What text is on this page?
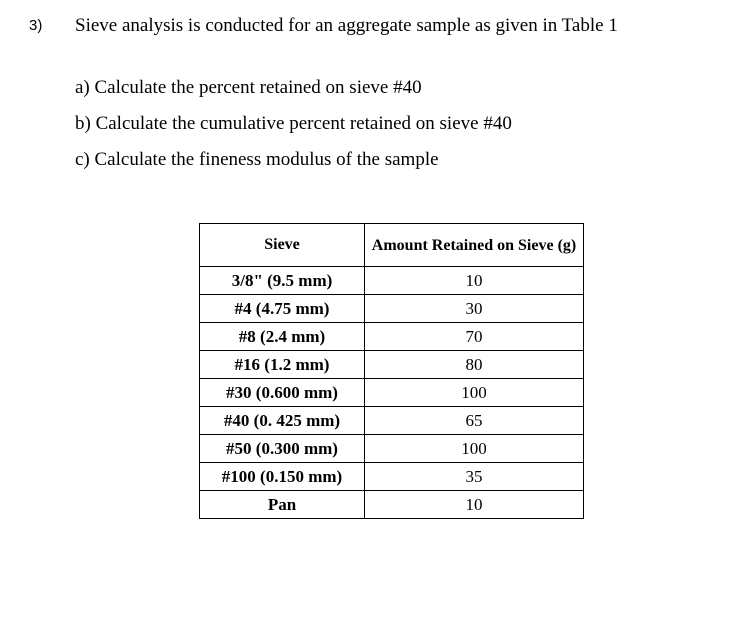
3) Sieve analysis is conducted for an aggregate sample as given in Table 1
a) Calculate the percent retained on sieve #40
b) Calculate the cumulative percent retained on sieve #40
c) Calculate the fineness modulus of the sample
Sieve	Amount Retained on Sieve (g)
3/8" (9.5 mm)	10
#4 (4.75 mm)	30
#8 (2.4 mm)	70
#16 (1.2 mm)	80
#30 (0.600 mm)	100
#40 (0. 425 mm)	65
#50 (0.300 mm)	100
#100 (0.150 mm)	35
Pan	10
